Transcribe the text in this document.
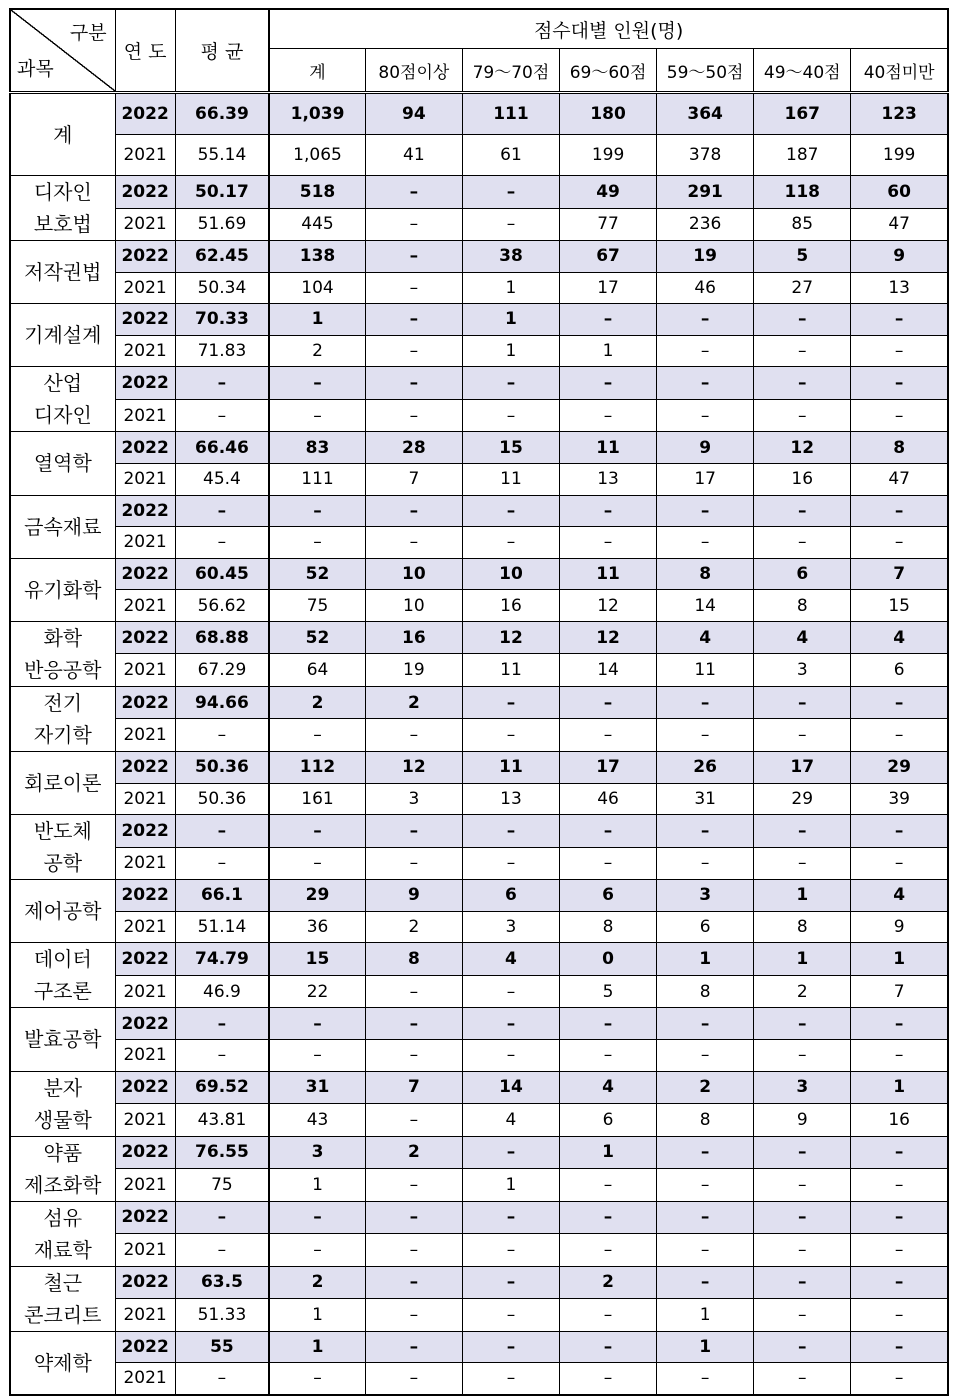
구분
과목	연 도	평 균	점수대별 인원(명)						
			계	80점이상	79～70점	69～60점	59～50점	49～40점	40점미만
계	2022	66.39	1,039	94	111	180	364	167	123
	2021	55.14	1,065	41	61	199	378	187	199
디자인
보호법	2022	50.17	518	–	–	49	291	118	60
	2021	51.69	445	–	–	77	236	85	47
저작권법	2022	62.45	138	–	38	67	19	5	9
	2021	50.34	104	–	1	17	46	27	13
기계설계	2022	70.33	1	–	1	–	–	–	–
	2021	71.83	2	–	1	1	–	–	–
산업
디자인	2022	–	–	–	–	–	–	–	–
	2021	–	–	–	–	–	–	–	–
열역학	2022	66.46	83	28	15	11	9	12	8
	2021	45.4	111	7	11	13	17	16	47
금속재료	2022	–	–	–	–	–	–	–	–
	2021	–	–	–	–	–	–	–	–
유기화학	2022	60.45	52	10	10	11	8	6	7
	2021	56.62	75	10	16	12	14	8	15
화학
반응공학	2022	68.88	52	16	12	12	4	4	4
	2021	67.29	64	19	11	14	11	3	6
전기
자기학	2022	94.66	2	2	–	–	–	–	–
	2021	–	–	–	–	–	–	–	–
회로이론	2022	50.36	112	12	11	17	26	17	29
	2021	50.36	161	3	13	46	31	29	39
반도체
공학	2022	–	–	–	–	–	–	–	–
	2021	–	–	–	–	–	–	–	–
제어공학	2022	66.1	29	9	6	6	3	1	4
	2021	51.14	36	2	3	8	6	8	9
데이터
구조론	2022	74.79	15	8	4	0	1	1	1
	2021	46.9	22	–	–	5	8	2	7
발효공학	2022	–	–	–	–	–	–	–	–
	2021	–	–	–	–	–	–	–	–
분자
생물학	2022	69.52	31	7	14	4	2	3	1
	2021	43.81	43	–	4	6	8	9	16
약품
제조화학	2022	76.55	3	2	–	1	–	–	–
	2021	75	1	–	1	–	–	–	–
섬유
재료학	2022	–	–	–	–	–	–	–	–
	2021	–	–	–	–	–	–	–	–
철근
콘크리트	2022	63.5	2	–	–	2	–	–	–
	2021	51.33	1	–	–	–	1	–	–
약제학	2022	55	1	–	–	–	1	–	–
	2021	–	–	–	–	–	–	–	–
